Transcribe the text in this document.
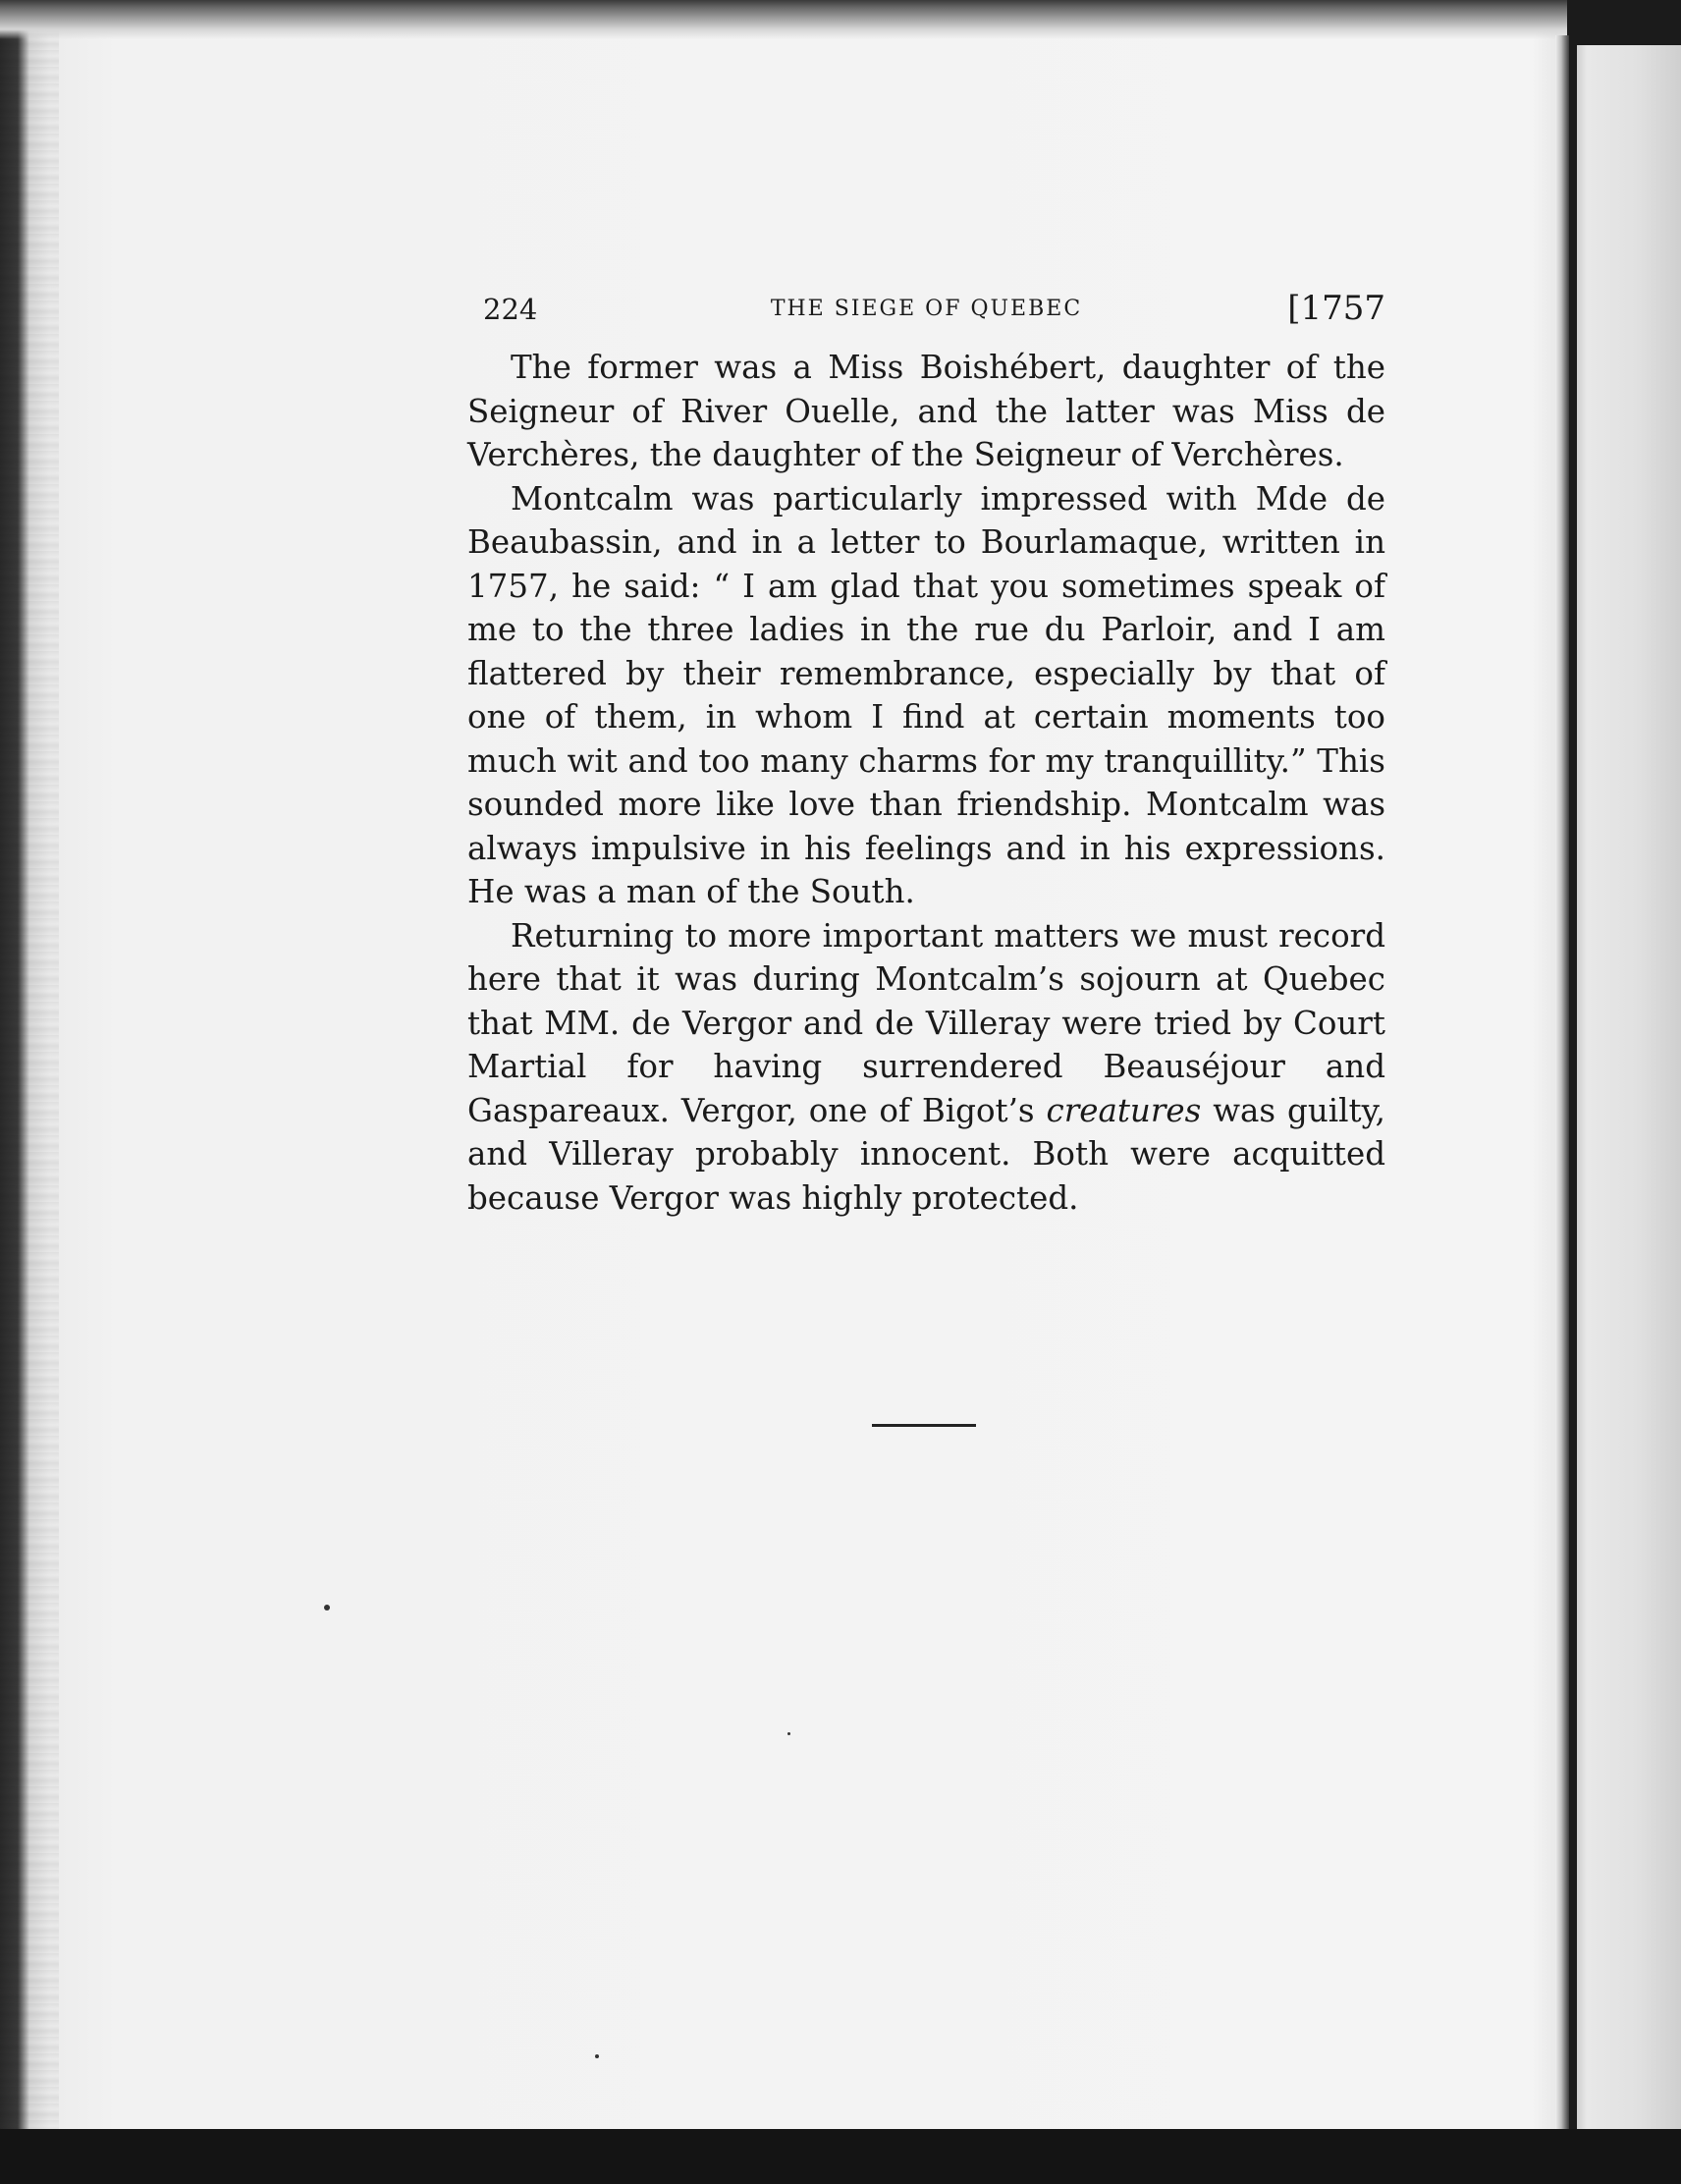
224	THE SIEGE OF QUEBEC	[1757

The former was a Miss Boishébert, daughter of the Seigneur of River Ouelle, and the latter was Miss de Verchères, the daughter of the Seigneur of Verchères.

Montcalm was particularly impressed with Mde de Beaubassin, and in a letter to Bourlamaque, written in 1757, he said: “ I am glad that you sometimes speak of me to the three ladies in the rue du Parloir, and I am flattered by their remembrance, especially by that of one of them, in whom I find at certain moments too much wit and too many charms for my tranquillity.” This sounded more like love than friendship. Montcalm was always impulsive in his feelings and in his expressions. He was a man of the South.

Returning to more important matters we must record here that it was during Montcalm’s sojourn at Quebec that MM. de Vergor and de Villeray were tried by Court Martial for having surrendered Beauséjour and Gaspareaux. Vergor, one of Bigot’s creatures was guilty, and Villeray probably innocent. Both were acquitted because Vergor was highly protected.
